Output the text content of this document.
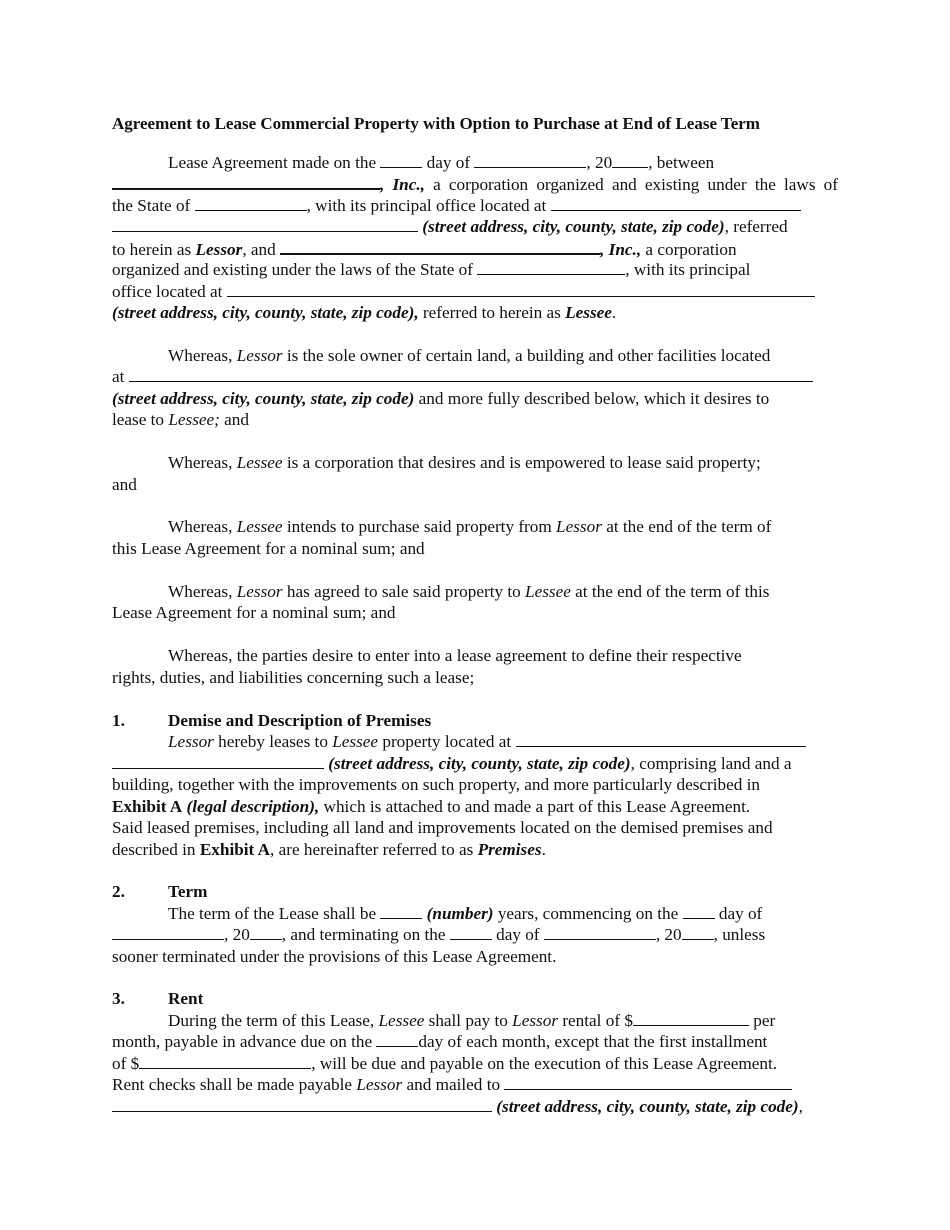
Agreement to Lease Commercial Property with Option to Purchase at End of Lease Term
Lease Agreement made on the	day of	, 20 , between
, Inc., a corporation organized and existing under the laws of
the State of	, with its principal office located at
(street address, city, county, state, zip code), referred
to herein as Lessor, and	, Inc., a corporation
organized and existing under the laws of the State of	, with its principal
office located at
(street address, city, county, state, zip code), referred to herein as Lessee.
Whereas, Lessor is the sole owner of certain land, a building and other facilities located
at
(street address, city, county, state, zip code) and more fully described below, which it desires to
lease to Lessee; and
Whereas, Lessee is a corporation that desires and is empowered to lease said property;
and
Whereas, Lessee intends to purchase said property from Lessor at the end of the term of
this Lease Agreement for a nominal sum; and
Whereas, Lessor has agreed to sale said property to Lessee at the end of the term of this
Lease Agreement for a nominal sum; and
Whereas, the parties desire to enter into a lease agreement to define their respective
rights, duties, and liabilities concerning such a lease;
1.	Demise and Description of Premises
Lessor hereby leases to Lessee property located at
(street address, city, county, state, zip code), comprising land and a
building, together with the improvements on such property, and more particularly described in
Exhibit A (legal description), which is attached to and made a part of this Lease Agreement.
Said leased premises, including all land and improvements located on the demised premises and
described in Exhibit A, are hereinafter referred to as Premises.
2.	Term
The term of the Lease shall be	(number) years, commencing on the day of
, 20 , and terminating on the	day of	, 20 , unless
sooner terminated under the provisions of this Lease Agreement.
3.	Rent
During the term of this Lease, Lessee shall pay to Lessor rental of $	per
month, payable in advance due on the	day of each month, except that the first installment
of $	, will be due and payable on the execution of this Lease Agreement.
Rent checks shall be made payable Lessor and mailed to
(street address, city, county, state, zip code),
